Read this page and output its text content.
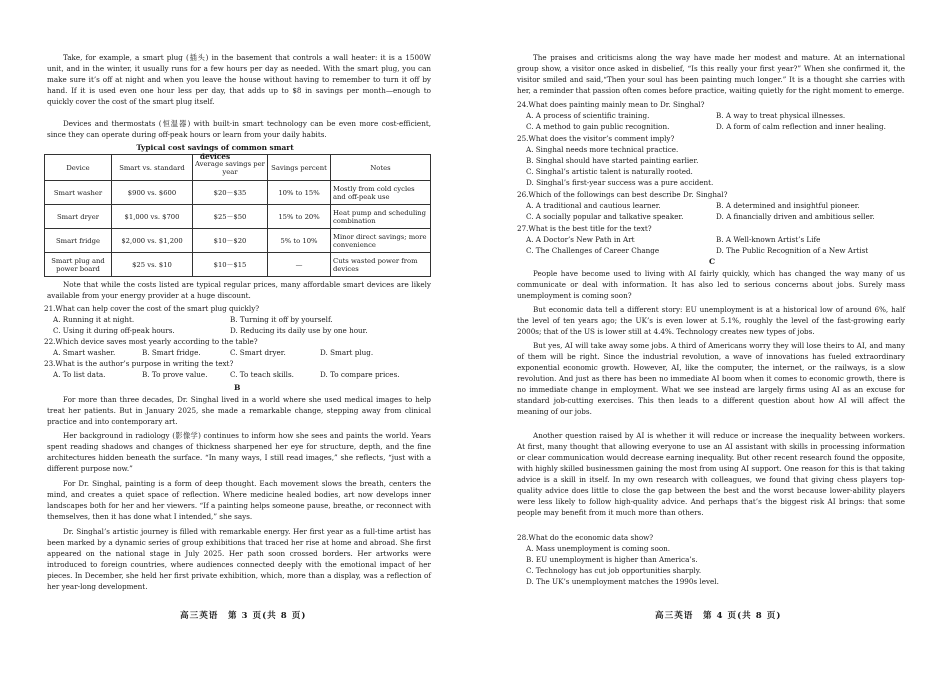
Take, for example, a smart plug (插头) in the basement that controls a wall heater: it is a 1500W unit, and in the winter, it usually runs for a few hours per day as needed. With the smart plug, you can make sure it’s off at night and when you leave the house without having to remember to turn it off by hand. If it is used even one hour less per day, that adds up to $8 in savings per month—enough to quickly cover the cost of the smart plug itself.

Devices and thermostats (恒温器) with built-in smart technology can be even more cost-efficient, since they can operate during off-peak hours or learn from your daily habits.

Typical cost savings of common smart devices
Device	Smart vs. standard	Average savings per year	Savings percent	Notes
Smart washer	$900 vs. $600	$20－$35	10% to 15%	Mostly from cold cycles and off-peak use
Smart dryer	$1,000 vs. $700	$25－$50	15% to 20%	Heat pump and scheduling combination
Smart fridge	$2,000 vs. $1,200	$10－$20	5% to 10%	Minor direct savings; more convenience
Smart plug and power board	$25 vs. $10	$10－$15	—	Cuts wasted power from devices

Note that while the costs listed are typical regular prices, many affordable smart devices are likely available from your energy provider at a huge discount.

21.What can help cover the cost of the smart plug quickly?

A. Running it at night.	B. Turning it off by yourself.
C. Using it during off-peak hours.	D. Reducing its daily use by one hour.

22.Which device saves most yearly according to the table?

A. Smart washer.	B. Smart fridge.	C. Smart dryer.	D. Smart plug.

23.What is the author’s purpose in writing the text?

A. To list data.	B. To prove value.	C. To teach skills.	D. To compare prices.
B

For more than three decades, Dr. Singhal lived in a world where she used medical images to help treat her patients. But in January 2025, she made a remarkable change, stepping away from clinical practice and into contemporary art.

Her background in radiology (影像学) continues to inform how she sees and paints the world. Years spent reading shadows and changes of thickness sharpened her eye for structure, depth, and the fine architectures hidden beneath the surface. “In many ways, I still read images,” she reflects, “just with a different purpose now.”

For Dr. Singhal, painting is a form of deep thought. Each movement slows the breath, centers the mind, and creates a quiet space of reflection. Where medicine healed bodies, art now develops inner landscapes both for her and her viewers. “If a painting helps someone pause, breathe, or reconnect with themselves, then it has done what I intended,” she says.

Dr. Singhal’s artistic journey is filled with remarkable energy. Her first year as a full-time artist has been marked by a dynamic series of group exhibitions that traced her rise at home and abroad. She first appeared on the national stage in July 2025. Her path soon crossed borders. Her artworks were introduced to foreign countries, where audiences connected deeply with the emotional impact of her pieces. In December, she held her first private exhibition, which, more than a display, was a reflection of her year-long development.

高三英语　第 3 页(共 8 页)

The praises and criticisms along the way have made her modest and mature. At an international group show, a visitor once asked in disbelief, “Is this really your first year?” When she confirmed it, the visitor smiled and said,“Then your soul has been painting much longer.” It is a thought she carries with her, a reminder that passion often comes before practice, waiting quietly for the right moment to emerge.

24.What does painting mainly mean to Dr. Singhal?

A. A process of scientific training.	B. A way to treat physical illnesses.
C. A method to gain public recognition.	D. A form of calm reflection and inner healing.

25.What does the visitor’s comment imply?

A. Singhal needs more technical practice.
B. Singhal should have started painting earlier.
C. Singhal’s artistic talent is naturally rooted.
D. Singhal’s first-year success was a pure accident.

26.Which of the followings can best describe Dr. Singhal?

A. A traditional and cautious learner.	B. A determined and insightful pioneer.
C. A socially popular and talkative speaker.	D. A financially driven and ambitious seller.

27.What is the best title for the text?

A. A Doctor’s New Path in Art	B. A Well-known Artist’s Life
C. The Challenges of Career Change	D. The Public Recognition of a New Artist
C

People have become used to living with AI fairly quickly, which has changed the way many of us communicate or deal with information. It has also led to serious concerns about jobs. Surely mass unemployment is coming soon?

But economic data tell a different story: EU unemployment is at a historical low of around 6%, half the level of ten years ago; the UK’s is even lower at 5.1%, roughly the level of the fast-growing early 2000s; that of the US is lower still at 4.4%. Technology creates new types of jobs.

But yes, AI will take away some jobs. A third of Americans worry they will lose theirs to AI, and many of them will be right. Since the industrial revolution, a wave of innovations has fueled extraordinary exponential economic growth. However, AI, like the computer, the internet, or the railways, is a slow revolution. And just as there has been no immediate AI boom when it comes to economic growth, there is no immediate change in employment. What we see instead are largely firms using AI as an excuse for standard job-cutting exercises. This then leads to a different question about how AI will affect the meaning of our jobs.

Another question raised by AI is whether it will reduce or increase the inequality between workers. At first, many thought that allowing everyone to use an AI assistant with skills in processing information or clear communication would decrease earning inequality. But other recent research found the opposite, with highly skilled businessmen gaining the most from using AI support. One reason for this is that taking advice is a skill in itself. In my own research with colleagues, we found that giving chess players top-quality advice does little to close the gap between the best and the worst because lower-ability players were less likely to follow high-quality advice. And perhaps that’s the biggest risk AI brings: that some people may benefit from it much more than others.

28.What do the economic data show?

A. Mass unemployment is coming soon.
B. EU unemployment is higher than America’s.
C. Technology has cut job opportunities sharply.
D. The UK’s unemployment matches the 1990s level.
高三英语　第 4 页(共 8 页)
